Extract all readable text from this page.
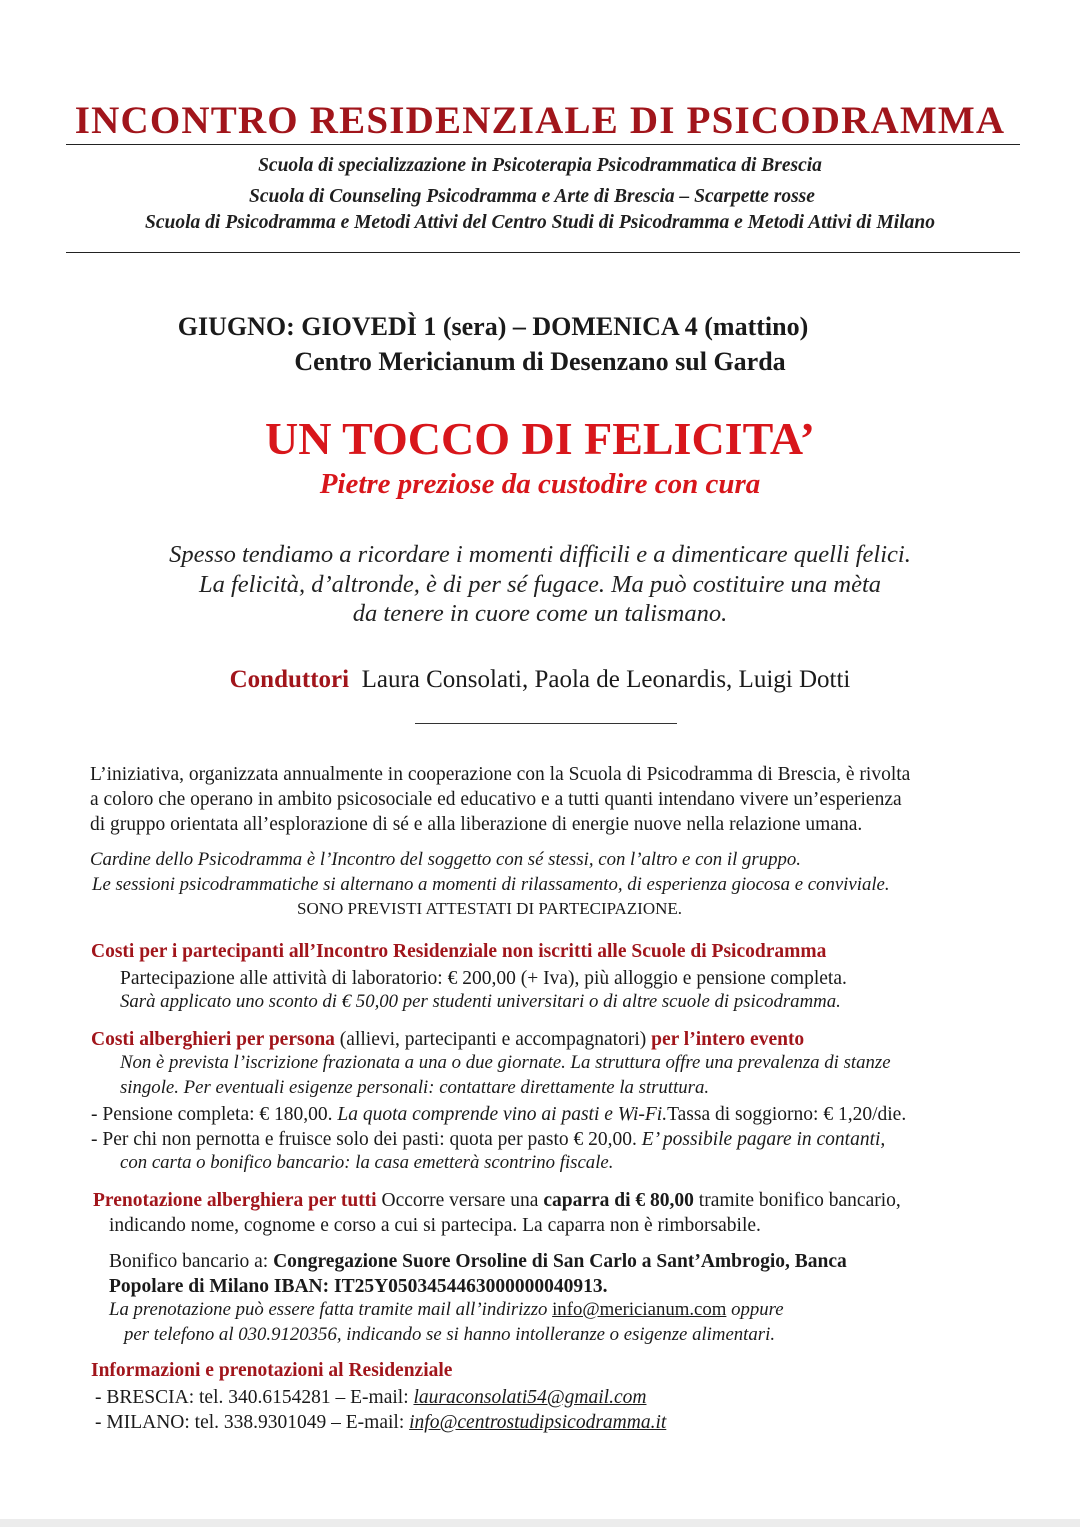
INCONTRO RESIDENZIALE DI PSICODRAMMA
Scuola di specializzazione in Psicoterapia Psicodrammatica di Brescia
Scuola di Counseling Psicodramma e Arte di Brescia – Scarpette rosse
Scuola di Psicodramma e Metodi Attivi del Centro Studi di Psicodramma e Metodi Attivi di Milano
GIUGNO: GIOVEDÌ 1 (sera) – DOMENICA 4 (mattino)
Centro Mericianum di Desenzano sul Garda
UN TOCCO DI FELICITA’
Pietre preziose da custodire con cura
Spesso tendiamo a ricordare i momenti difficili e a dimenticare quelli felici.
La felicità, d’altronde, è di per sé fugace. Ma può costituire una mèta
da tenere in cuore come un talismano.
Conduttori Laura Consolati, Paola de Leonardis, Luigi Dotti
L’iniziativa, organizzata annualmente in cooperazione con la Scuola di Psicodramma di Brescia, è rivolta
a coloro che operano in ambito psicosociale ed educativo e a tutti quanti intendano vivere un’esperienza
di gruppo orientata all’esplorazione di sé e alla liberazione di energie nuove nella relazione umana.
Cardine dello Psicodramma è l’Incontro del soggetto con sé stessi, con l’altro e con il gruppo.
Le sessioni psicodrammatiche si alternano a momenti di rilassamento, di esperienza giocosa e conviviale.
SONO PREVISTI ATTESTATI DI PARTECIPAZIONE.
Costi per i partecipanti all’Incontro Residenziale non iscritti alle Scuole di Psicodramma
Partecipazione alle attività di laboratorio: € 200,00 (+ Iva), più alloggio e pensione completa.
Sarà applicato uno sconto di € 50,00 per studenti universitari o di altre scuole di psicodramma.
Costi alberghieri per persona (allievi, partecipanti e accompagnatori) per l’intero evento
Non è prevista l’iscrizione frazionata a una o due giornate. La struttura offre una prevalenza di stanze
singole. Per eventuali esigenze personali: contattare direttamente la struttura.
- Pensione completa: € 180,00. La quota comprende vino ai pasti e Wi-Fi.Tassa di soggiorno: € 1,20/die.
- Per chi non pernotta e fruisce solo dei pasti: quota per pasto € 20,00. E’ possibile pagare in contanti,
con carta o bonifico bancario: la casa emetterà scontrino fiscale.
Prenotazione alberghiera per tutti Occorre versare una caparra di € 80,00 tramite bonifico bancario,
indicando nome, cognome e corso a cui si partecipa. La caparra non è rimborsabile.
Bonifico bancario a: Congregazione Suore Orsoline di San Carlo a Sant’Ambrogio, Banca
Popolare di Milano IBAN: IT25Y0503454463000000040913.
La prenotazione può essere fatta tramite mail all’indirizzo info@mericianum.com oppure
per telefono al 030.9120356, indicando se si hanno intolleranze o esigenze alimentari.
Informazioni e prenotazioni al Residenziale
- BRESCIA: tel. 340.6154281 – E-mail: lauraconsolati54@gmail.com
- MILANO: tel. 338.9301049 – E-mail: info@centrostudipsicodramma.it
